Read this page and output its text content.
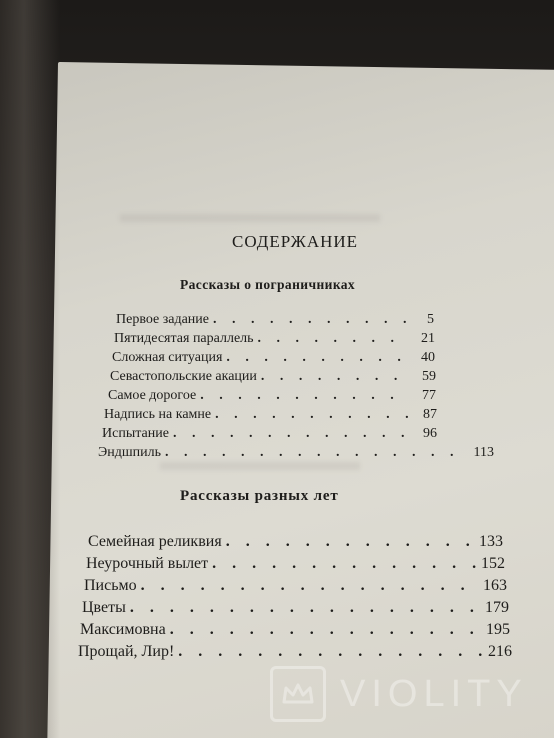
СОДЕРЖАНИЕ
Рассказы о пограничниках
Первое задание . . .	5
Пятидесятая параллель . . .	21
Сложная ситуация . . .	40
Севастопольские акации . . .	59
Самое дорогое . . .	77
Надпись на камне . . .	87
Испытание . . .	96
Эндшпиль . . .	113
Рассказы разных лет
Семейная реликвия . . .	133
Неурочный вылет . . .	152
Письмо . . .	163
Цветы . . .	179
Максимовна . . .	195
Прощай, Лир! . . .	216
VIOLITY
